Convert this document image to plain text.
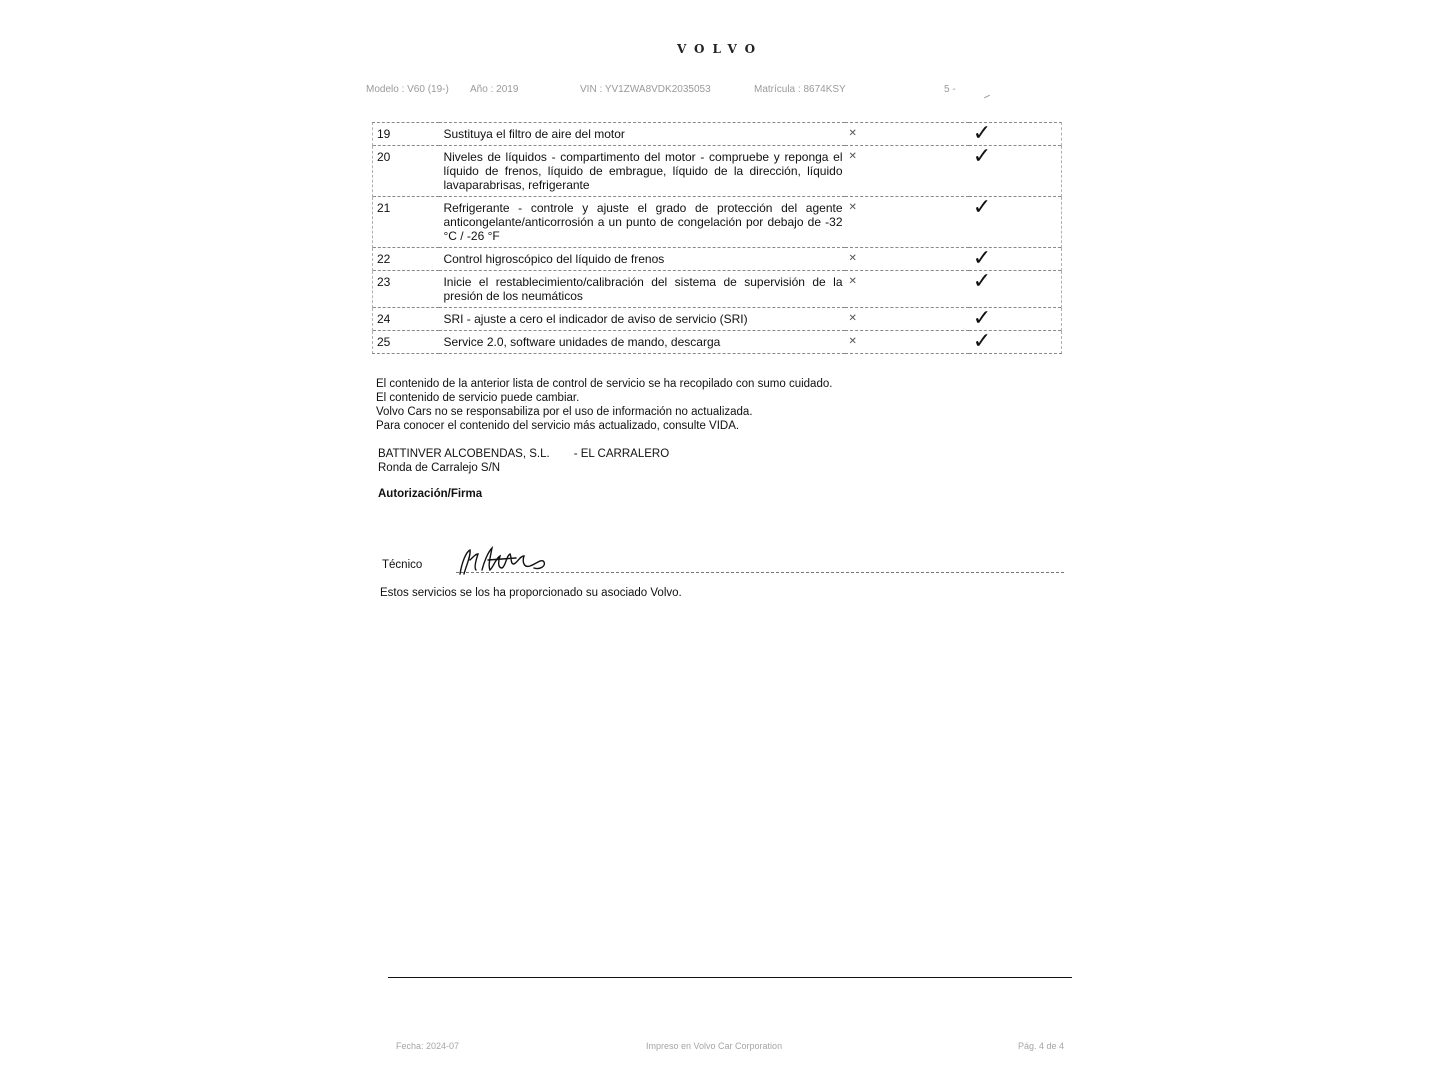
VOLVO
Modelo : V60 (19-) Año : 2019	VIN : YV1ZWA8VDK2035053	Matrícula : 8674KSY	5 -
19	Sustituya el filtro de aire del motor	✕	✓
20	Niveles de líquidos - compartimento del motor - compruebe y reponga el líquido de frenos, líquido de embrague, líquido de la dirección, líquido lavaparabrisas, refrigerante	✕	✓
21	Refrigerante - controle y ajuste el grado de protección del agente anticongelante/anticorrosión a un punto de congelación por debajo de -32 °C / -26 °F	✕	✓
22	Control higroscópico del líquido de frenos	✕	✓
23	Inicie el restablecimiento/calibración del sistema de supervisión de la presión de los neumáticos	✕	✓
24	SRI - ajuste a cero el indicador de aviso de servicio (SRI)	✕	✓
25	Service 2.0, software unidades de mando, descarga	✕	✓
El contenido de la anterior lista de control de servicio se ha recopilado con sumo cuidado.
El contenido de servicio puede cambiar.
Volvo Cars no se responsabiliza por el uso de información no actualizada.
Para conocer el contenido del servicio más actualizado, consulte VIDA.
BATTINVER ALCOBENDAS, S.L. - EL CARRALERO
Ronda de Carralejo S/N
Autorización/Firma
Técnico
Estos servicios se los ha proporcionado su asociado Volvo.
Fecha: 2024-07	Impreso en Volvo Car Corporation	Pág. 4 de 4
